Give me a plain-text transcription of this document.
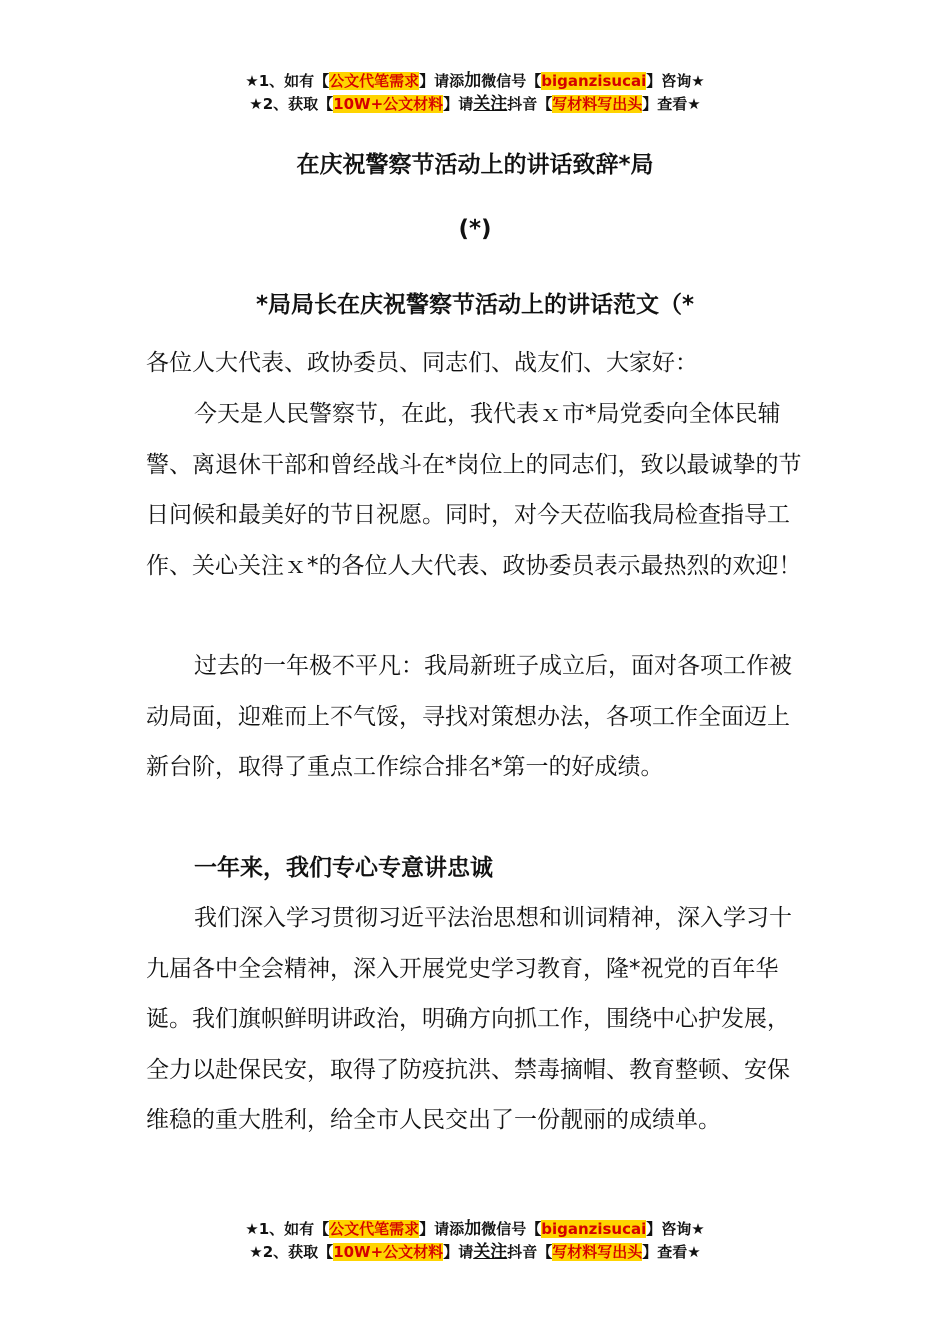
★1、如有【公文代笔需求】请添加微信号【biganzisucai】咨询★
★2、获取【10W+公文材料】请关注抖音【写材料写出头】查看★
在庆祝警察节活动上的讲话致辞*局
(*)
*局局长在庆祝警察节活动上的讲话范文（*

各位人大代表、政协委员、同志们、战友们、大家好：

今天是人民警察节，在此，我代表ｘ市*局党委向全体民辅警、离退休干部和曾经战斗在*岗位上的同志们，致以最诚挚的节日问候和最美好的节日祝愿。同时，对今天莅临我局检查指导工作、关心关注ｘ*的各位人大代表、政协委员表示最热烈的欢迎！

过去的一年极不平凡：我局新班子成立后，面对各项工作被动局面，迎难而上不气馁，寻找对策想办法，各项工作全面迈上新台阶，取得了重点工作综合排名*第一的好成绩。

一年来，我们专心专意讲忠诚

我们深入学习贯彻习近平法治思想和训词精神，深入学习十九届各中全会精神，深入开展党史学习教育，隆*祝党的百年华诞。我们旗帜鲜明讲政治，明确方向抓工作，围绕中心护发展，全力以赴保民安，取得了防疫抗洪、禁毒摘帽、教育整顿、安保维稳的重大胜利，给全市人民交出了一份靓丽的成绩单。

★1、如有【公文代笔需求】请添加微信号【biganzisucai】咨询★
★2、获取【10W+公文材料】请关注抖音【写材料写出头】查看★
